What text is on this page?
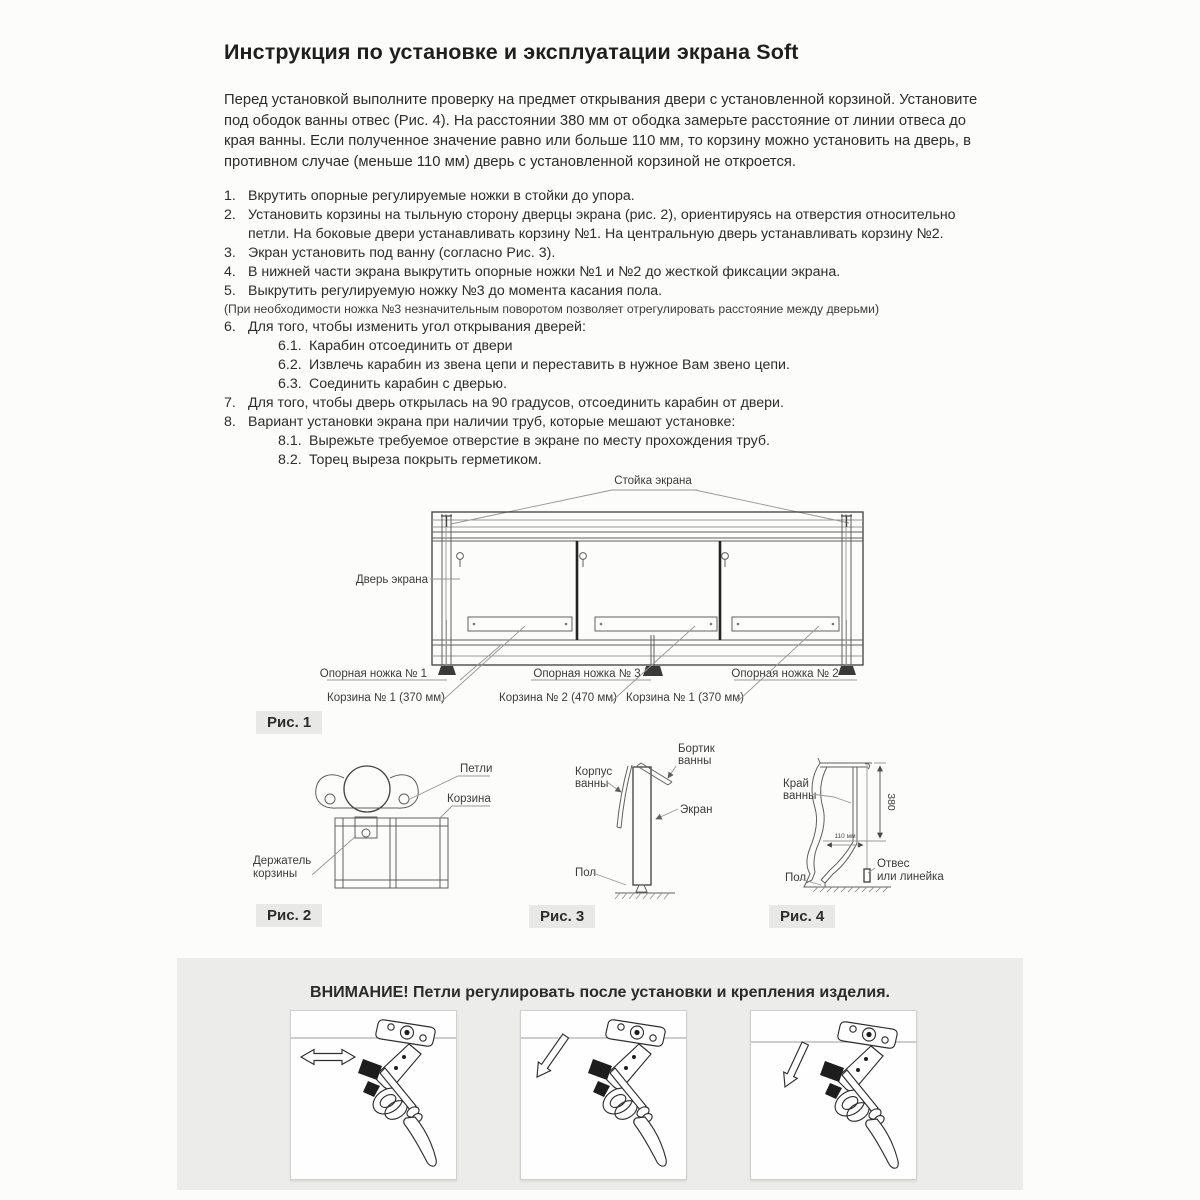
Инструкция по установке и эксплуатации экрана Soft

Перед установкой выполните проверку на предмет открывания двери с установленной корзиной. Установите под ободок ванны отвес (Рис. 4). На расстоянии 380 мм от ободка замерьте расстояние от линии отвеса до края ванны. Если полученное значение равно или больше 110 мм, то корзину можно установить на дверь, в противном случае (меньше 110 мм) дверь с установленной корзиной не откроется.

1. Вкрутить опорные регулируемые ножки в стойки до упора.
2. Установить корзины на тыльную сторону дверцы экрана (рис. 2), ориентируясь на отверстия относительно петли. На боковые двери устанавливать корзину №1. На центральную дверь устанавливать корзину №2.
3. Экран установить под ванну (согласно Рис. 3).
4. В нижней части экрана выкрутить опорные ножки №1 и №2 до жесткой фиксации экрана.
5. Выкрутить регулируемую ножку №3 до момента касания пола.
(При необходимости ножка №3 незначительным поворотом позволяет отрегулировать расстояние между дверьми)
6. Для того, чтобы изменить угол открывания дверей:
6.1. Карабин отсоединить от двери
6.2. Извлечь карабин из звена цепи и переставить в нужное Вам звено цепи.
6.3. Соединить карабин с дверью.
7. Для того, чтобы дверь открылась на 90 градусов, отсоединить карабин от двери.
8. Вариант установки экрана при наличии труб, которые мешают установке:
8.1. Вырежьте требуемое отверстие в экране по месту прохождения труб.
8.2. Торец выреза покрыть герметиком.
Стойка экрана
Дверь экрана
Опорная ножка № 1	Опорная ножка № 3	Опорная ножка № 2
Корзина № 1 (370 мм)	Корзина № 2 (470 мм) Корзина № 1 (370 мм)
Рис. 1
Петли
Корзина
Держатель
корзины
Рис. 2
Бортик
ванны
Корпус
ванны
Экран
Пол
Рис. 3
380
110 мм
Край
ванны
Отвес
или линейка
Пол
Рис. 4

ВНИМАНИЕ! Петли регулировать после установки и крепления изделия.
